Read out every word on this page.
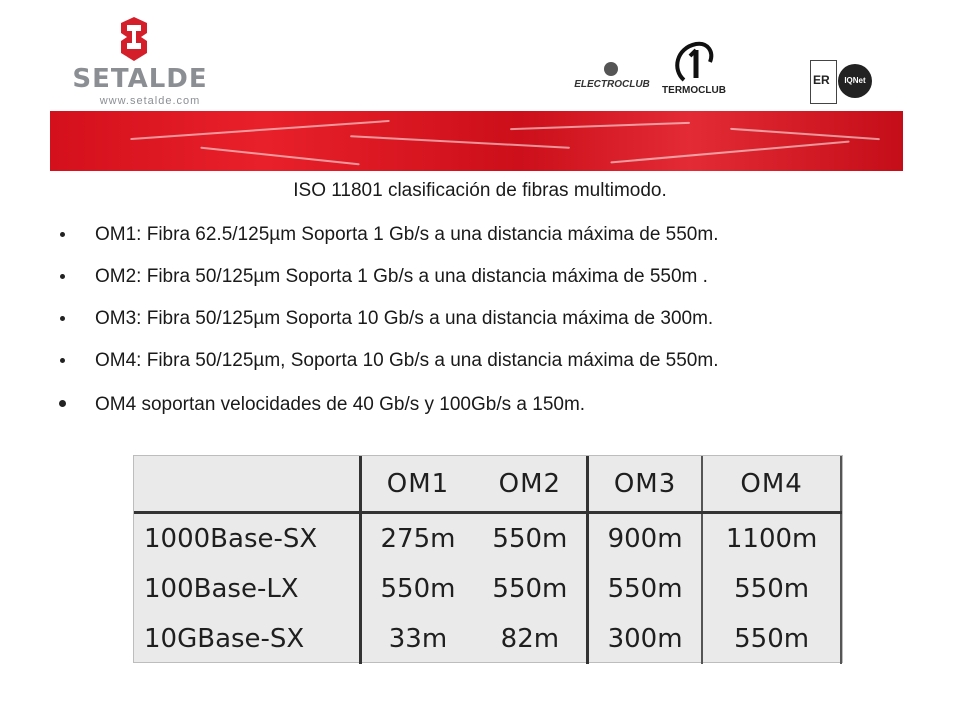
SETALDE
www.setalde.com
ELECTROCLUB
TERMOCLUB
ER	IQNet
ISO 11801 clasificación de fibras multimodo.
OM1: Fibra 62.5/125µm Soporta 1 Gb/s a una distancia máxima de 550m.
OM2: Fibra 50/125µm Soporta 1 Gb/s a una distancia máxima de 550m .
OM3: Fibra 50/125µm Soporta 10 Gb/s a una distancia máxima de 300m.
OM4: Fibra 50/125µm, Soporta 10 Gb/s a una distancia máxima de 550m.
OM4 soportan velocidades de 40 Gb/s y 100Gb/s a 150m.
	OM1	OM2	OM3	OM4
1000Base-SX	275m	550m	900m	1100m
100Base-LX	550m	550m	550m	550m
10GBase-SX	33m	82m	300m	550m
